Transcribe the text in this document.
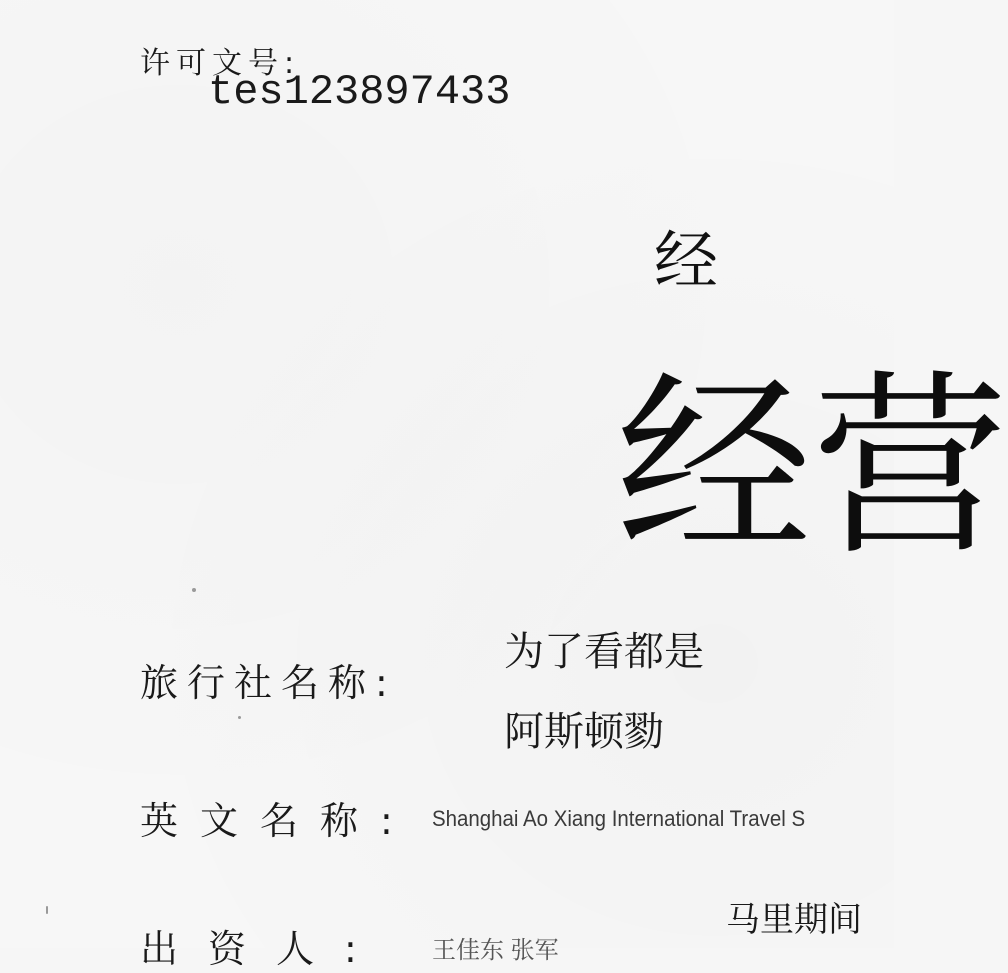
许可文号:
tes123897433
经
经营
旅行社名称:
为了看都是
阿斯顿勠
英文名称: Shanghai Ao Xiang International Travel S
出资人: 王佳东 张军
马里期间
